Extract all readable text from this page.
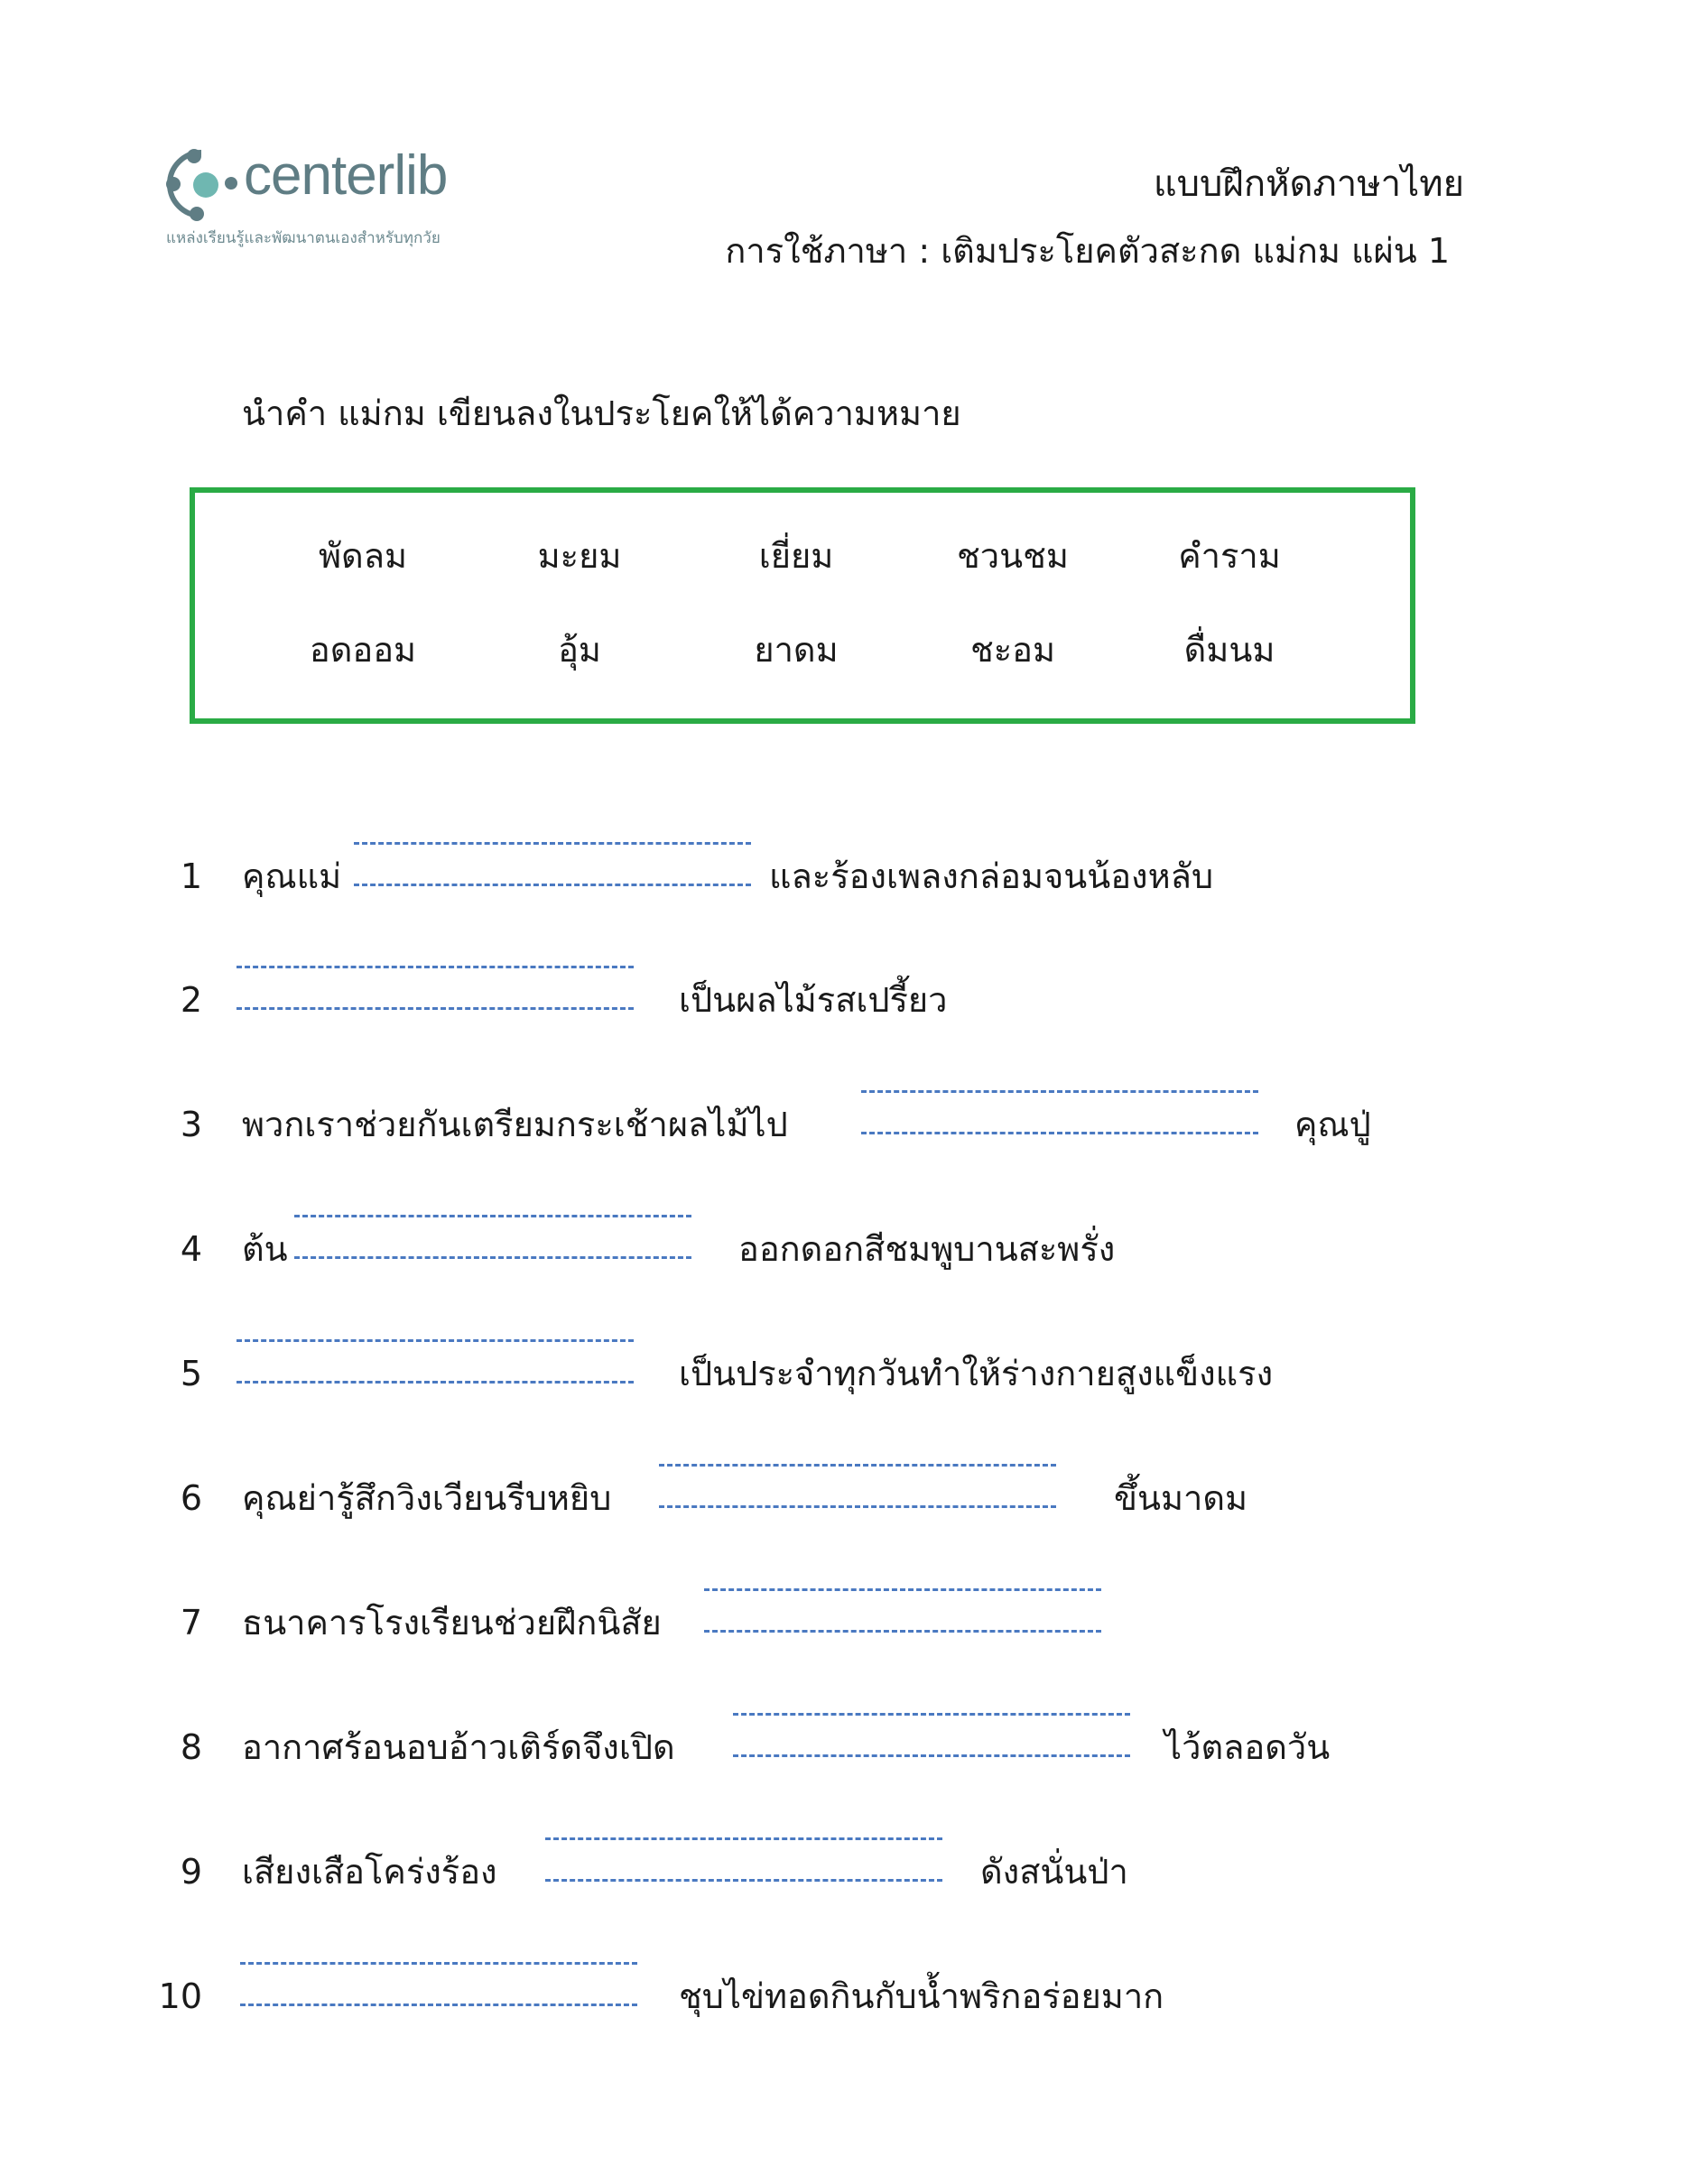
centerlib
แหล่งเรียนรู้และพัฒนาตนเองสำหรับทุกวัย
แบบฝึกหัดภาษาไทย
การใช้ภาษา : เติมประโยคตัวสะกด แม่กม แผ่น 1
นำคำ แม่กม เขียนลงในประโยคให้ได้ความหมาย
พัดลม	มะยม	เยี่ยม	ชวนชม	คำราม
อดออม	อุ้ม	ยาดม	ชะอม	ดื่มนม
1 คุณแม่	และร้องเพลงกล่อมจนน้องหลับ
2	เป็นผลไม้รสเปรี้ยว
3 พวกเราช่วยกันเตรียมกระเช้าผลไม้ไป	คุณปู่
4 ต้น	ออกดอกสีชมพูบานสะพรั่ง
5	เป็นประจำทุกวันทำให้ร่างกายสูงแข็งแรง
6 คุณย่ารู้สึกวิงเวียนรีบหยิบ	ขึ้นมาดม
7 ธนาคารโรงเรียนช่วยฝึกนิสัย
8 อากาศร้อนอบอ้าวเติร์ดจึงเปิด	ไว้ตลอดวัน
9 เสียงเสือโคร่งร้อง	ดังสนั่นป่า
10	ชุบไข่ทอดกินกับน้ำพริกอร่อยมาก
